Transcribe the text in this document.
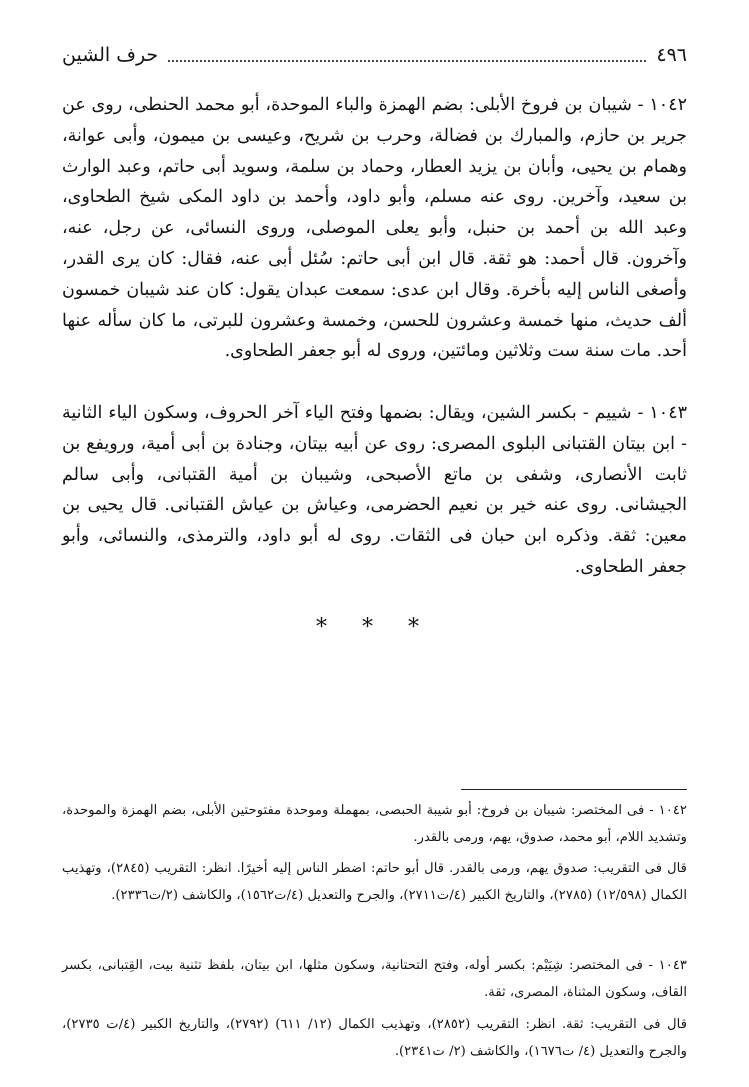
٤٩٦
حرف الشين

١٠٤٢ - شيبان بن فروخ الأبلى: بضم الهمزة والباء الموحدة، أبو محمد الحنطى، روى عن جرير بن حازم، والمبارك بن فضالة، وحرب بن شريح، وعيسى بن ميمون، وأبى عوانة، وهمام بن يحيى، وأبان بن يزيد العطار، وحماد بن سلمة، وسويد أبى حاتم، وعبد الوارث بن سعيد، وآخرين. روى عنه مسلم، وأبو داود، وأحمد بن داود المكى شيخ الطحاوى، وعبد الله بن أحمد بن حنبل، وأبو يعلى الموصلى، وروى النسائى، عن رجل، عنه، وآخرون. قال أحمد: هو ثقة. قال ابن أبى حاتم: سُئل أبى عنه، فقال: كان يرى القدر، وأصغى الناس إليه بأخرة. وقال ابن عدى: سمعت عبدان يقول: كان عند شيبان خمسون ألف حديث، منها خمسة وعشرون للحسن، وخمسة وعشرون للبرتى، ما كان سأله عنها أحد. مات سنة ست وثلاثين ومائتين، وروى له أبو جعفر الطحاوى.

١٠٤٣ - شييم - بكسر الشين، ويقال: بضمها وفتح الياء آخر الحروف، وسكون الياء الثانية - ابن بيتان القتبانى البلوى المصرى: روى عن أبيه بيتان، وجنادة بن أبى أمية، ورويفع بن ثابت الأنصارى، وشفى بن ماتع الأصبحى، وشيبان بن أمية القتبانى، وأبى سالم الجيشانى. روى عنه خير بن نعيم الحضرمى، وعياش بن عياش القتبانى. قال يحيى بن معين: ثقة. وذكره ابن حبان فى الثقات. روى له أبو داود، والترمذى، والنسائى، وأبو جعفر الطحاوى.

* * *

١٠٤٢ - فى المختصر: شيبان بن فروخ: أبو شيبة الحبصى، بمهملة وموحدة مفتوحتين الأبلى، بضم الهمزة والموحدة، وتشديد اللام، أبو محمد، صدوق، يهم، ورمى بالقدر.

قال فى التقريب: صدوق يهم، ورمى بالقدر. قال أبو حاتم: اضطر الناس إليه أخيرًا. انظر: التقريب (٢٨٤٥)، وتهذيب الكمال (١٢/٥٩٨) (٢٧٨٥)، والتاريخ الكبير (٤/ت٢٧١١)، والجرح والتعديل (٤/ت١٥٦٢)، والكاشف (٢/ت٢٣٣٦).

١٠٤٣ - فى المختصر: شِيَيْم: بكسر أوله، وفتح التحتانية، وسكون مثلها، ابن بيتان، بلفظ تثنية بيت، القِتبانى، بكسر القاف، وسكون المثناة، المصرى، ثقة.

قال فى التقريب: ثقة. انظر: التقريب (٢٨٥٢)، وتهذيب الكمال (١٢/ ٦١١) (٢٧٩٢)، والتاريخ الكبير (٤/ت ٢٧٣٥)، والجرح والتعديل (٤/ ت١٦٧٦)، والكاشف (٢/ ت٢٣٤١).
